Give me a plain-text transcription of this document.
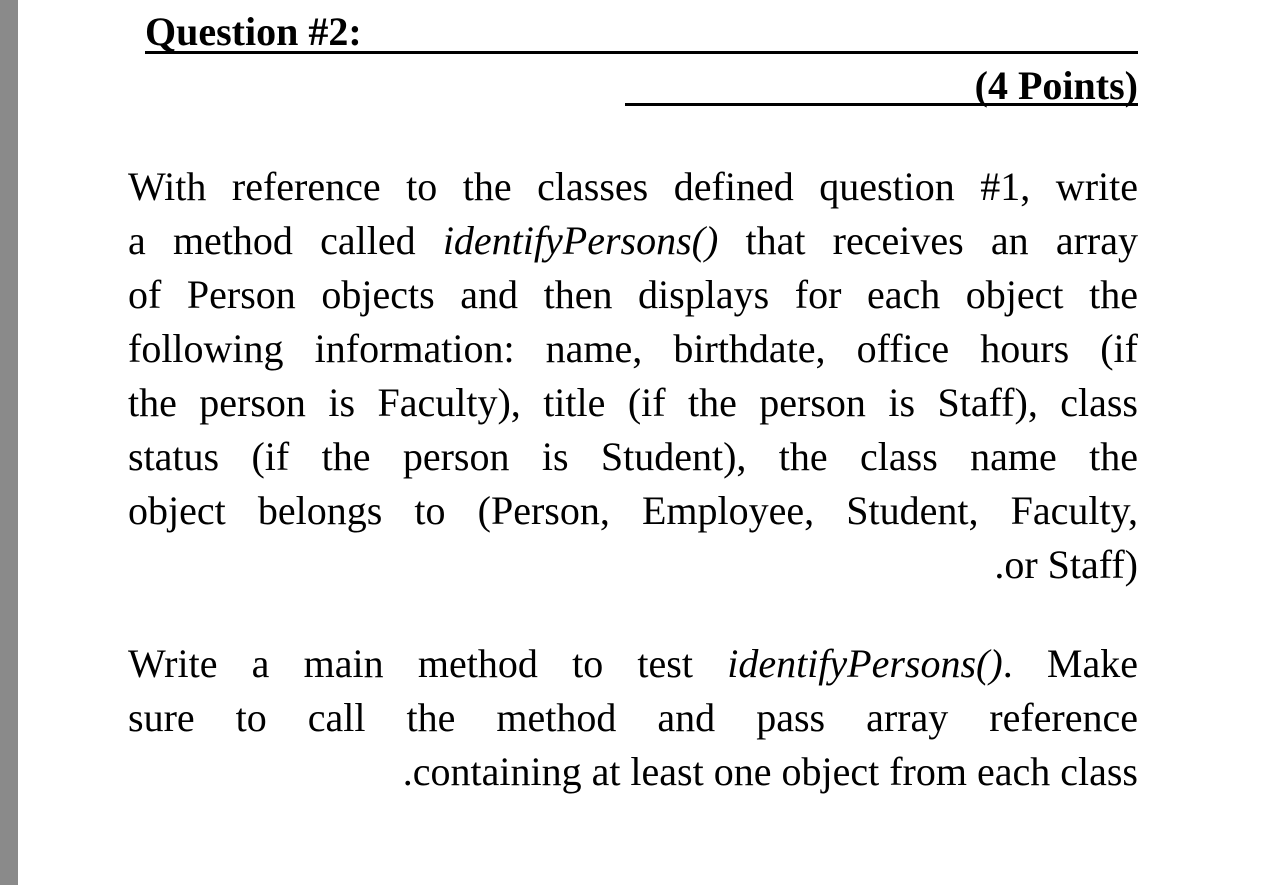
Question #2:
(4 Points)
With reference to the classes defined question #1, write
a method called identifyPersons() that receives an array
of Person objects and then displays for each object the
following information: name, birthdate, office hours (if
the person is Faculty), title (if the person is Staff), class
status (if the person is Student), the class name the
object belongs to (Person, Employee, Student, Faculty,
.or Staff)
Write a main method to test identifyPersons(). Make
sure to call the method and pass array reference
.containing at least one object from each class
